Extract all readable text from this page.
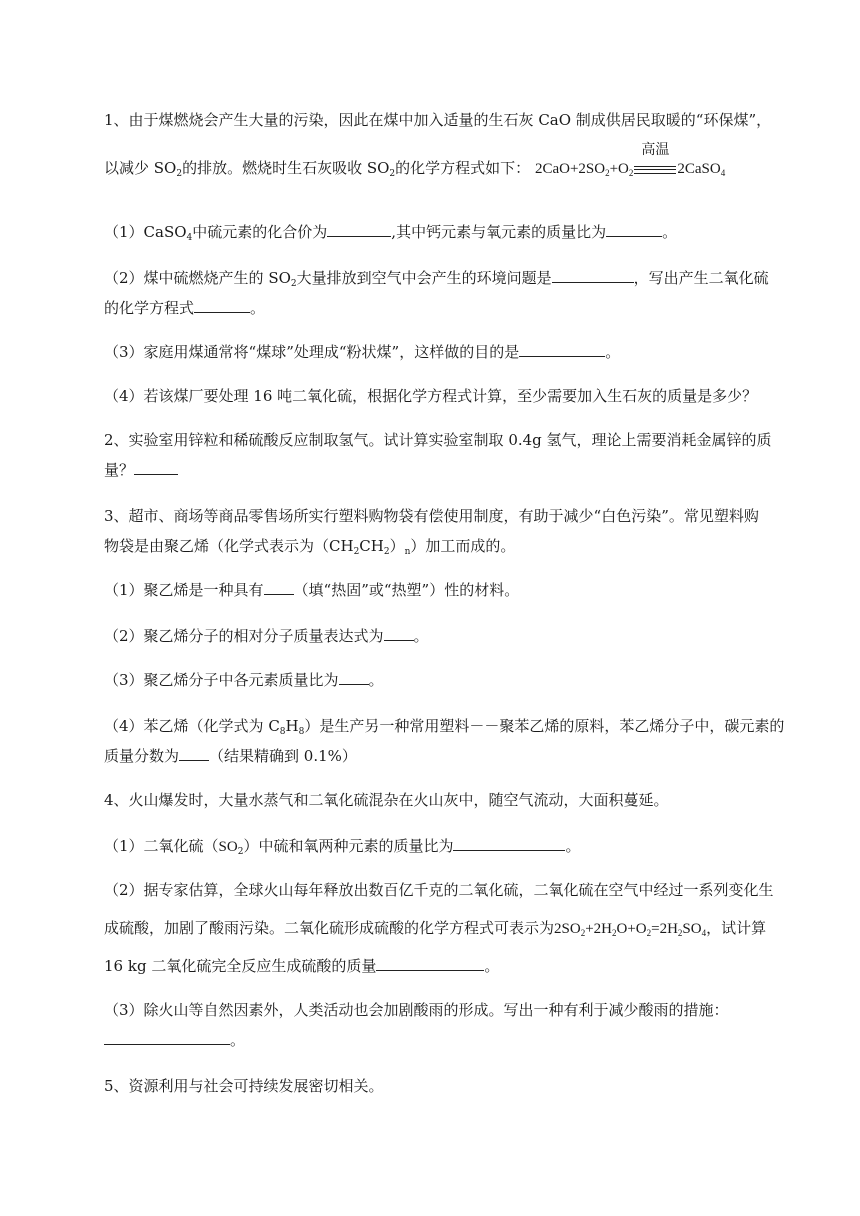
1、由于煤燃烧会产生大量的污染，因此在煤中加入适量的生石灰 CaO 制成供居民取暖的“环保煤”，
以减少 $SO_2$的排放。燃烧时生石灰吸收 $SO_2$的化学方程式如下： $2CaO+2SO_2+O_2$
高温
2CaSO$_4$
（1）CaSO$_4$中硫元素的化合价为	,其中钙元素与氧元素的质量比为	。
（2）煤中硫燃烧产生的 $SO_2$大量排放到空气中会产生的环境问题是	，写出产生二氧化硫
的化学方程式	。
（3）家庭用煤通常将“煤球”处理成“粉状煤”，这样做的目的是	。
（4）若该煤厂要处理 16 吨二氧化硫，根据化学方程式计算，至少需要加入生石灰的质量是多少？
2、实验室用锌粒和稀硫酸反应制取氢气。试计算实验室制取 0.4g 氢气，理论上需要消耗金属锌的质
量？
3、超市、商场等商品零售场所实行塑料购物袋有偿使用制度，有助于减少“白色污染”。常见塑料购
物袋是由聚乙烯（化学式表示为$(CH_2CH_2)_n$）加工而成的。
（1）聚乙烯是一种具有 （填“热固”或“热塑”）性的材料。
（2）聚乙烯分子的相对分子质量表达式为 。
（3）聚乙烯分子中各元素质量比为 。
（4）苯乙烯（化学式为 $C_8H_8$）是生产另一种常用塑料－－聚苯乙烯的原料，苯乙烯分子中，碳元素的
质量分数为 （结果精确到 0.1%）
4、火山爆发时，大量水蒸气和二氧化硫混杂在火山灰中，随空气流动，大面积蔓延。
（1）二氧化硫$(SO_2)$中硫和氧两种元素的质量比为	。
（2）据专家估算，全球火山每年释放出数百亿千克的二氧化硫，二氧化硫在空气中经过一系列变化生
成硫酸，加剧了酸雨污染。二氧化硫形成硫酸的化学方程式可表示为$2SO_2+2H_2O+O_2=2H_2SO_4$，试计算
16 kg 二氧化硫完全反应生成硫酸的质量	。
（3）除火山等自然因素外，人类活动也会加剧酸雨的形成。写出一种有利于减少酸雨的措施：
。
5、资源利用与社会可持续发展密切相关。
